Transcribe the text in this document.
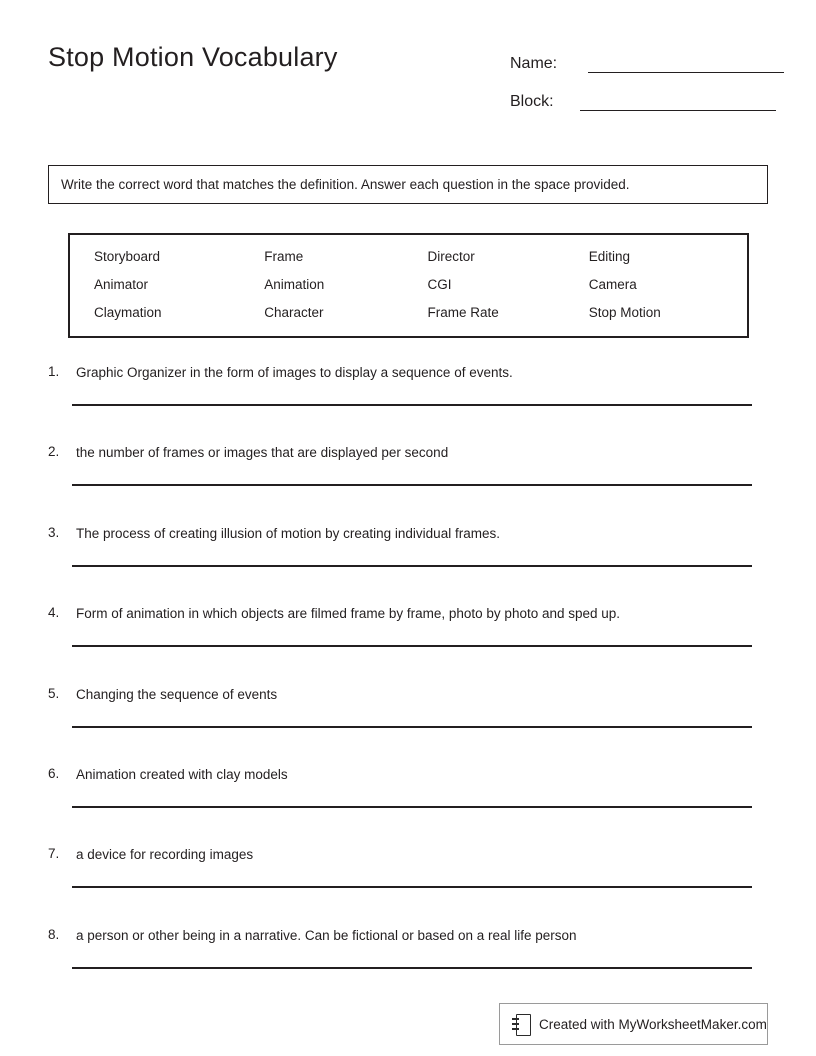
Stop Motion Vocabulary	Name:
Block:
Write the correct word that matches the definition. Answer each question in the space provided.
Storyboard	Frame	Director	Editing
Animator	Animation	CGI	Camera
Claymation	Character	Frame Rate	Stop Motion
1.	Graphic Organizer in the form of images to display a sequence of events.
2.	the number of frames or images that are displayed per second
3.	The process of creating illusion of motion by creating individual frames.
4.	Form of animation in which objects are filmed frame by frame, photo by photo and sped up.
5.	Changing the sequence of events
6.	Animation created with clay models
7.	a device for recording images
8.	a person or other being in a narrative. Can be fictional or based on a real life person
Created with MyWorksheetMaker.com
